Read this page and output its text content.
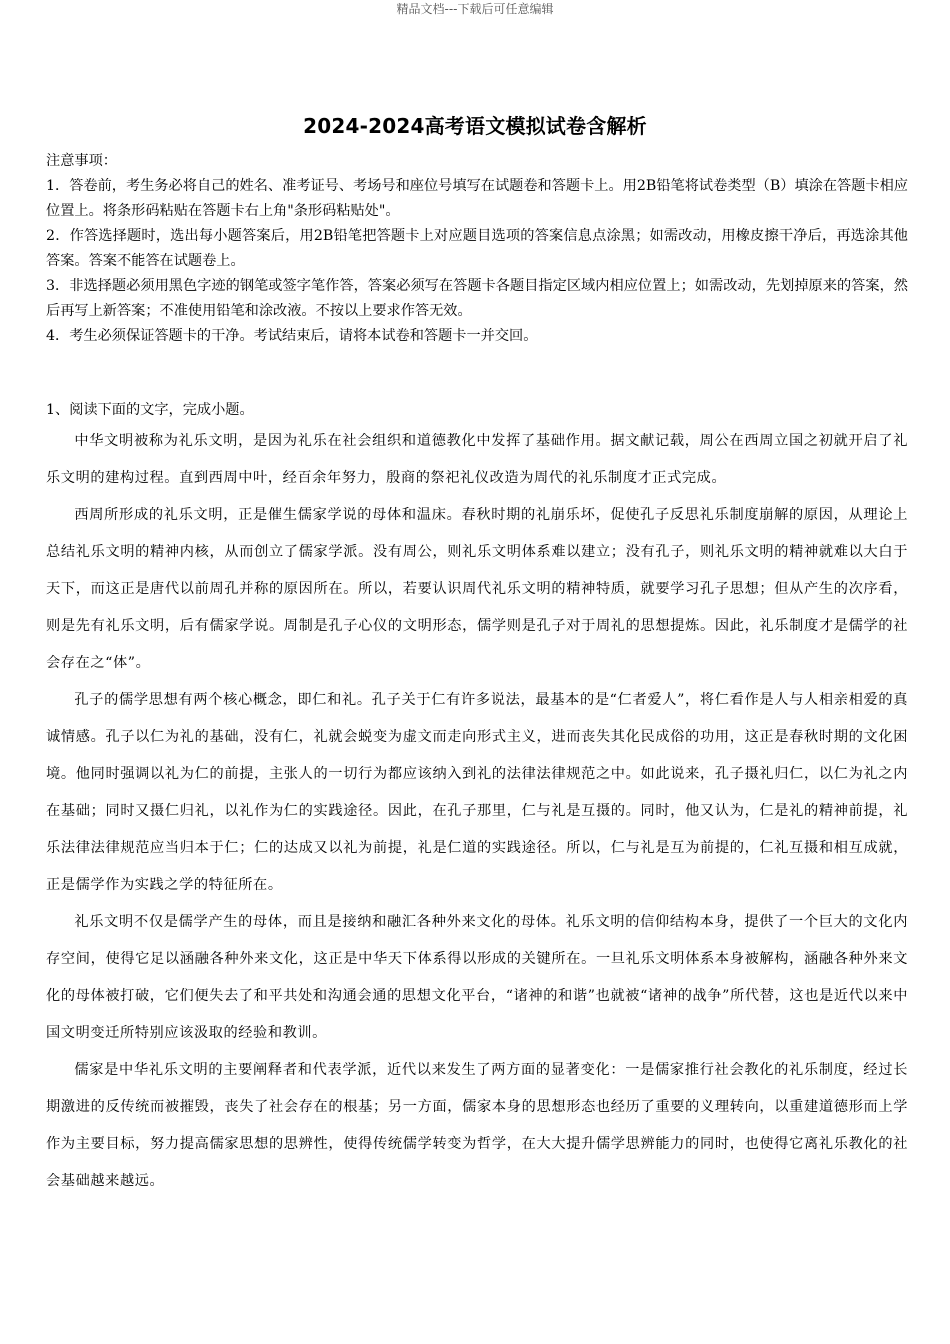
精品文档---下载后可任意编辑
2024-2024高考语文模拟试卷含解析
注意事项：

1．答卷前，考生务必将自己的姓名、准考证号、考场号和座位号填写在试题卷和答题卡上。用2B铅笔将试卷类型（B）填涂在答题卡相应位置上。将条形码粘贴在答题卡右上角"条形码粘贴处"。

2．作答选择题时，选出每小题答案后，用2B铅笔把答题卡上对应题目选项的答案信息点涂黑；如需改动，用橡皮擦干净后，再选涂其他答案。答案不能答在试题卷上。

3．非选择题必须用黑色字迹的钢笔或签字笔作答，答案必须写在答题卡各题目指定区域内相应位置上；如需改动，先划掉原来的答案，然后再写上新答案；不准使用铅笔和涂改液。不按以上要求作答无效。

4．考生必须保证答题卡的干净。考试结束后，请将本试卷和答题卡一并交回。

1、阅读下面的文字，完成小题。

中华文明被称为礼乐文明，是因为礼乐在社会组织和道德教化中发挥了基础作用。据文献记载，周公在西周立国之初就开启了礼乐文明的建构过程。直到西周中叶，经百余年努力，殷商的祭祀礼仪改造为周代的礼乐制度才正式完成。

西周所形成的礼乐文明，正是催生儒家学说的母体和温床。春秋时期的礼崩乐坏，促使孔子反思礼乐制度崩解的原因，从理论上总结礼乐文明的精神内核，从而创立了儒家学派。没有周公，则礼乐文明体系难以建立；没有孔子，则礼乐文明的精神就难以大白于天下，而这正是唐代以前周孔并称的原因所在。所以，若要认识周代礼乐文明的精神特质，就要学习孔子思想；但从产生的次序看，则是先有礼乐文明，后有儒家学说。周制是孔子心仪的文明形态，儒学则是孔子对于周礼的思想提炼。因此，礼乐制度才是儒学的社会存在之“体”。

孔子的儒学思想有两个核心概念，即仁和礼。孔子关于仁有许多说法，最基本的是“仁者爱人”，将仁看作是人与人相亲相爱的真诚情感。孔子以仁为礼的基础，没有仁，礼就会蜕变为虚文而走向形式主义，进而丧失其化民成俗的功用，这正是春秋时期的文化困境。他同时强调以礼为仁的前提，主张人的一切行为都应该纳入到礼的法律法律规范之中。如此说来，孔子摄礼归仁，以仁为礼之内在基础；同时又摄仁归礼，以礼作为仁的实践途径。因此，在孔子那里，仁与礼是互摄的。同时，他又认为，仁是礼的精神前提，礼乐法律法律规范应当归本于仁；仁的达成又以礼为前提，礼是仁道的实践途径。所以，仁与礼是互为前提的，仁礼互摄和相互成就，正是儒学作为实践之学的特征所在。

礼乐文明不仅是儒学产生的母体，而且是接纳和融汇各种外来文化的母体。礼乐文明的信仰结构本身，提供了一个巨大的文化内存空间，使得它足以涵融各种外来文化，这正是中华天下体系得以形成的关键所在。一旦礼乐文明体系本身被解构，涵融各种外来文化的母体被打破，它们便失去了和平共处和沟通会通的思想文化平台，“诸神的和谐”也就被“诸神的战争”所代替，这也是近代以来中国文明变迁所特别应该汲取的经验和教训。

儒家是中华礼乐文明的主要阐释者和代表学派，近代以来发生了两方面的显著变化：一是儒家推行社会教化的礼乐制度，经过长期激进的反传统而被摧毁，丧失了社会存在的根基；另一方面，儒家本身的思想形态也经历了重要的义理转向，以重建道德形而上学作为主要目标，努力提高儒家思想的思辨性，使得传统儒学转变为哲学，在大大提升儒学思辨能力的同时，也使得它离礼乐教化的社会基础越来越远。
